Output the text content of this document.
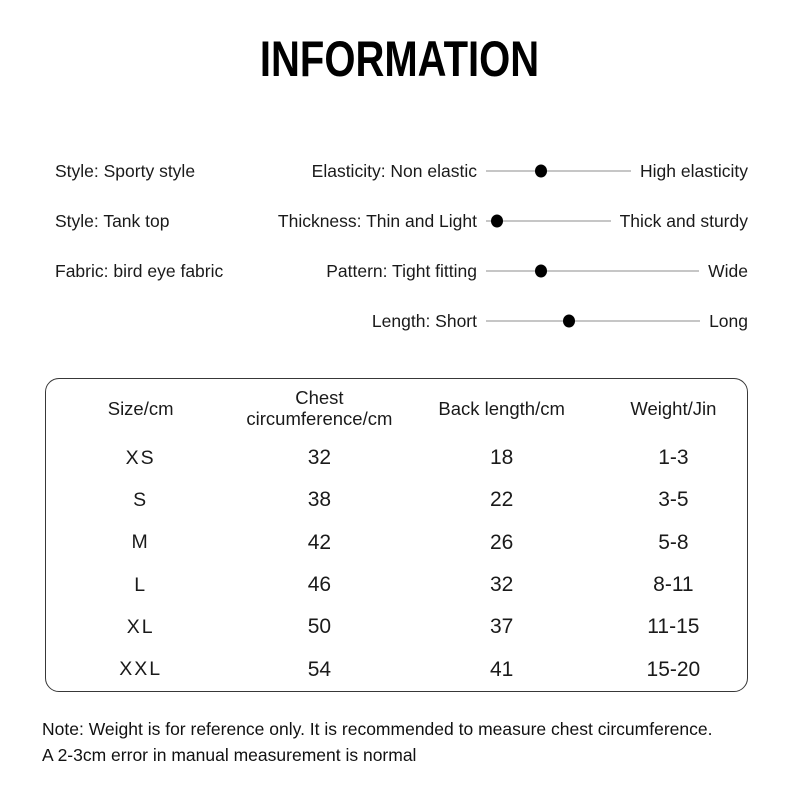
INFORMATION
Style: Sporty style	Elasticity: Non elastic	High elasticity
Style: Tank top	Thickness: Thin and Light	Thick and sturdy
Fabric: bird eye fabric	Pattern: Tight fitting	Wide
Length: Short	Long
Size/cm	Chest circumference/cm	Back length/cm	Weight/Jin
XS	32	18	1-3
S	38	22	3-5
M	42	26	5-8
L	46	32	8-11
XL	50	37	11-15
XXL	54	41	15-20
Note: Weight is for reference only. It is recommended to measure chest circumference.
A 2-3cm error in manual measurement is normal
